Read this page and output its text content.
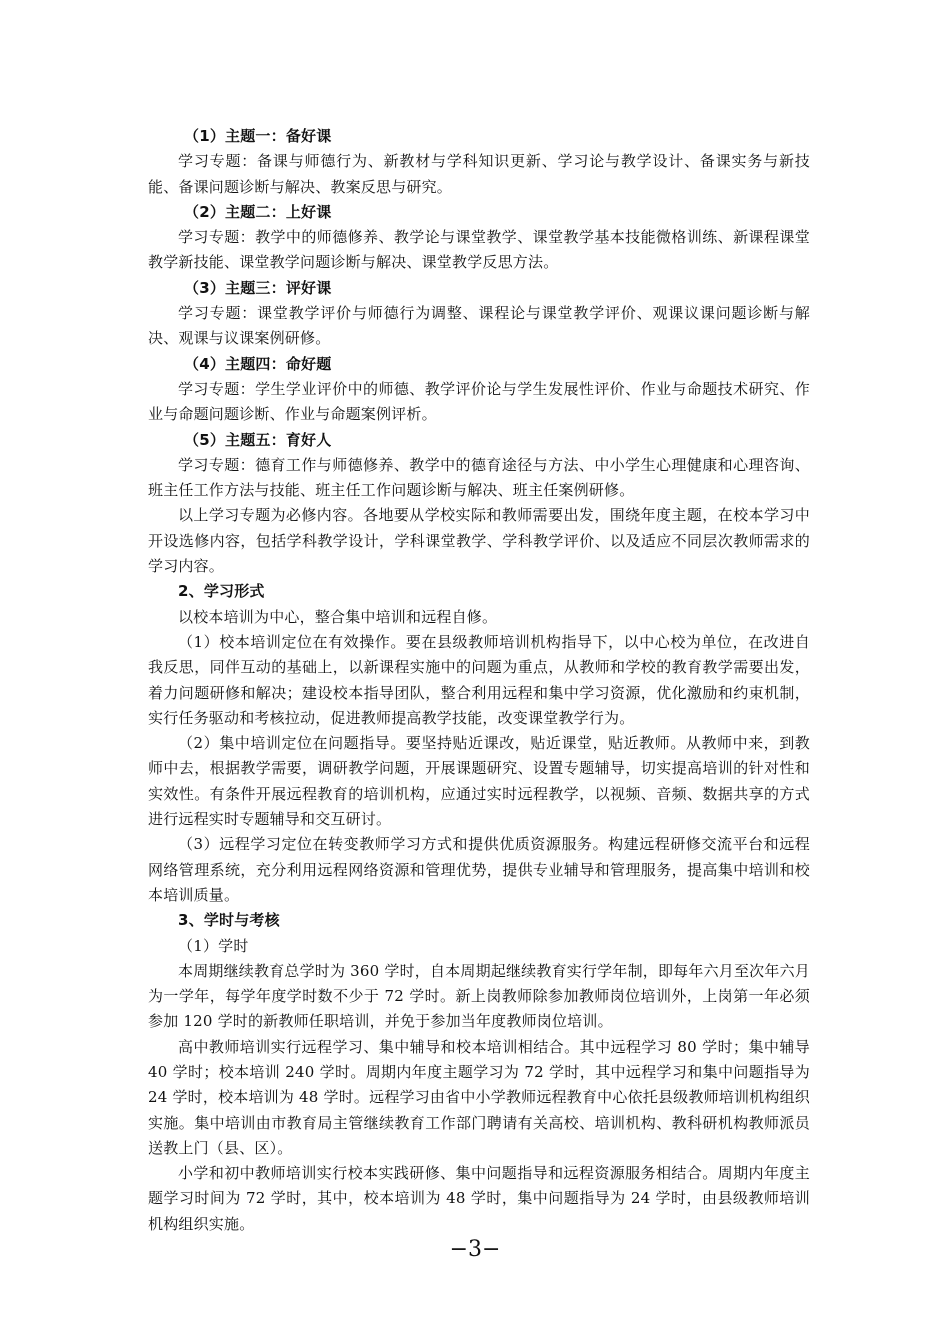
（1）主题一：备好课

学习专题：备课与师德行为、新教材与学科知识更新、学习论与教学设计、备课实务与新技能、备课问题诊断与解决、教案反思与研究。

（2）主题二：上好课

学习专题：教学中的师德修养、教学论与课堂教学、课堂教学基本技能微格训练、新课程课堂教学新技能、课堂教学问题诊断与解决、课堂教学反思方法。

（3）主题三：评好课

学习专题：课堂教学评价与师德行为调整、课程论与课堂教学评价、观课议课问题诊断与解决、观课与议课案例研修。

（4）主题四：命好题

学习专题：学生学业评价中的师德、教学评价论与学生发展性评价、作业与命题技术研究、作业与命题问题诊断、作业与命题案例评析。

（5）主题五：育好人

学习专题：德育工作与师德修养、教学中的德育途径与方法、中小学生心理健康和心理咨询、班主任工作方法与技能、班主任工作问题诊断与解决、班主任案例研修。

以上学习专题为必修内容。各地要从学校实际和教师需要出发，围绕年度主题，在校本学习中开设选修内容，包括学科教学设计，学科课堂教学、学科教学评价、以及适应不同层次教师需求的学习内容。

2、学习形式

以校本培训为中心，整合集中培训和远程自修。

（1）校本培训定位在有效操作。要在县级教师培训机构指导下，以中心校为单位，在改进自我反思，同伴互动的基础上，以新课程实施中的问题为重点，从教师和学校的教育教学需要出发，着力问题研修和解决；建设校本指导团队，整合利用远程和集中学习资源，优化激励和约束机制，实行任务驱动和考核拉动，促进教师提高教学技能，改变课堂教学行为。

（2）集中培训定位在问题指导。要坚持贴近课改，贴近课堂，贴近教师。从教师中来，到教师中去，根据教学需要，调研教学问题，开展课题研究、设置专题辅导，切实提高培训的针对性和实效性。有条件开展远程教育的培训机构，应通过实时远程教学，以视频、音频、数据共享的方式进行远程实时专题辅导和交互研讨。

（3）远程学习定位在转变教师学习方式和提供优质资源服务。构建远程研修交流平台和远程网络管理系统，充分利用远程网络资源和管理优势，提供专业辅导和管理服务，提高集中培训和校本培训质量。

3、学时与考核

（1）学时

本周期继续教育总学时为 360 学时，自本周期起继续教育实行学年制，即每年六月至次年六月为一学年，每学年度学时数不少于 72 学时。新上岗教师除参加教师岗位培训外，上岗第一年必须参加 120 学时的新教师任职培训，并免于参加当年度教师岗位培训。

高中教师培训实行远程学习、集中辅导和校本培训相结合。其中远程学习 80 学时；集中辅导 40 学时；校本培训 240 学时。周期内年度主题学习为 72 学时，其中远程学习和集中问题指导为 24 学时，校本培训为 48 学时。远程学习由省中小学教师远程教育中心依托县级教师培训机构组织实施。集中培训由市教育局主管继续教育工作部门聘请有关高校、培训机构、教科研机构教师派员送教上门（县、区）。

小学和初中教师培训实行校本实践研修、集中问题指导和远程资源服务相结合。周期内年度主题学习时间为 72 学时，其中，校本培训为 48 学时，集中问题指导为 24 学时，由县级教师培训机构组织实施。

−3−
